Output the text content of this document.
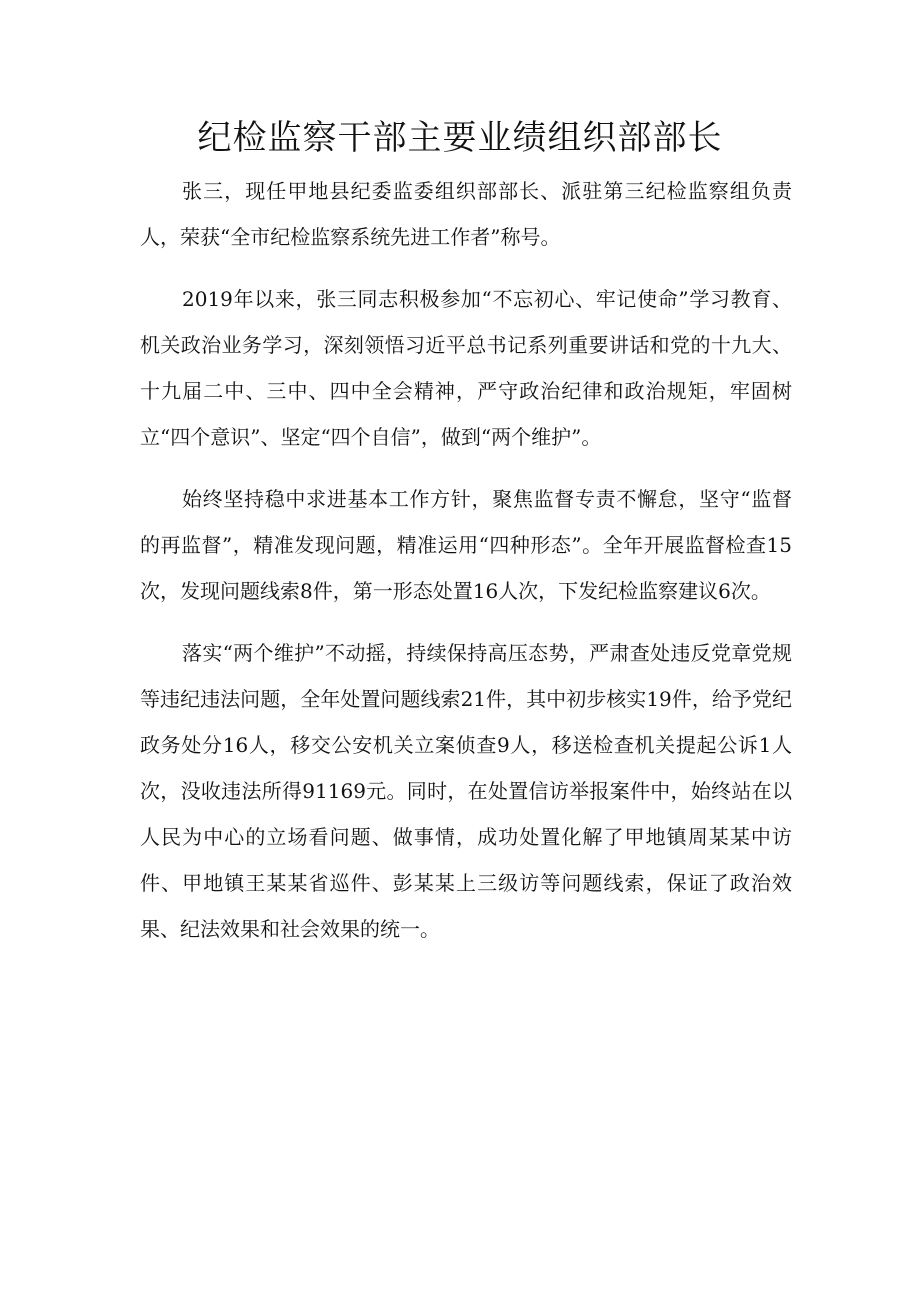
纪检监察干部主要业绩组织部部长

张三，现任甲地县纪委监委组织部部长、派驻第三纪检监察组负责人，荣获“全市纪检监察系统先进工作者”称号。

2019年以来，张三同志积极参加“不忘初心、牢记使命”学习教育、机关政治业务学习，深刻领悟习近平总书记系列重要讲话和党的十九大、十九届二中、三中、四中全会精神，严守政治纪律和政治规矩，牢固树立“四个意识”、坚定“四个自信”，做到“两个维护”。

始终坚持稳中求进基本工作方针，聚焦监督专责不懈怠，坚守“监督的再监督”，精准发现问题，精准运用“四种形态”。全年开展监督检查15次，发现问题线索8件，第一形态处置16人次，下发纪检监察建议6次。

落实“两个维护”不动摇，持续保持高压态势，严肃查处违反党章党规等违纪违法问题，全年处置问题线索21件，其中初步核实19件，给予党纪政务处分16人，移交公安机关立案侦查9人，移送检查机关提起公诉1人次，没收违法所得91169元。同时，在处置信访举报案件中，始终站在以人民为中心的立场看问题、做事情，成功处置化解了甲地镇周某某中访件、甲地镇王某某省巡件、彭某某上三级访等问题线索，保证了政治效果、纪法效果和社会效果的统一。
